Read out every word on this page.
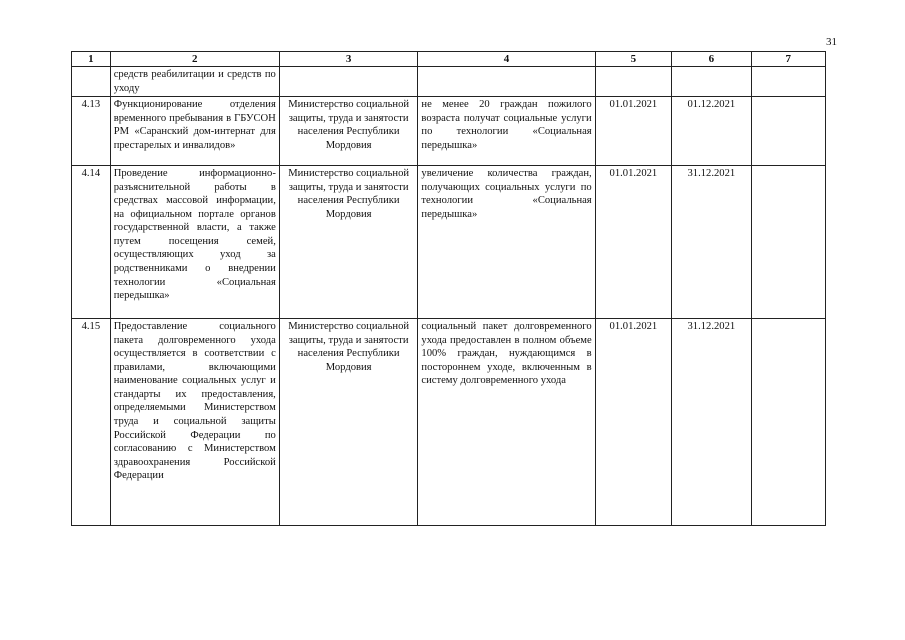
31
1	2	3	4	5	6	7
	средств реабилитации и средств по уходу					
4.13	Функционирование отделения временного пребывания в ГБУСОН РМ «Саранский дом-интернат для престарелых и инвалидов»	Министерство социальной защиты, труда и занятости населения Республики Мордовия	не менее 20 граждан пожилого возраста получат социальные услуги по технологии «Социальная передышка»	01.01.2021	01.12.2021	
4.14	Проведение информационно-разъяснительной работы в средствах массовой информации, на официальном портале органов государственной власти, а также путем посещения семей, осуществляющих уход за родственниками о внедрении технологии «Социальная передышка»	Министерство социальной защиты, труда и занятости населения Республики Мордовия	увеличение количества граждан, получающих социальных услуги по технологии «Социальная передышка»	01.01.2021	31.12.2021	
4.15	Предоставление социального пакета долговременного ухода осуществляется в соответствии с правилами, включающими наименование социальных услуг и стандарты их предоставления, определяемыми Министерством труда и социальной защиты Российской Федерации по согласованию с Министерством здравоохранения Российской Федерации	Министерство социальной защиты, труда и занятости населения Республики Мордовия	социальный пакет долговременного ухода предоставлен в полном объеме 100% граждан, нуждающимся в постороннем уходе, включенным в систему долговременного ухода	01.01.2021	31.12.2021	
